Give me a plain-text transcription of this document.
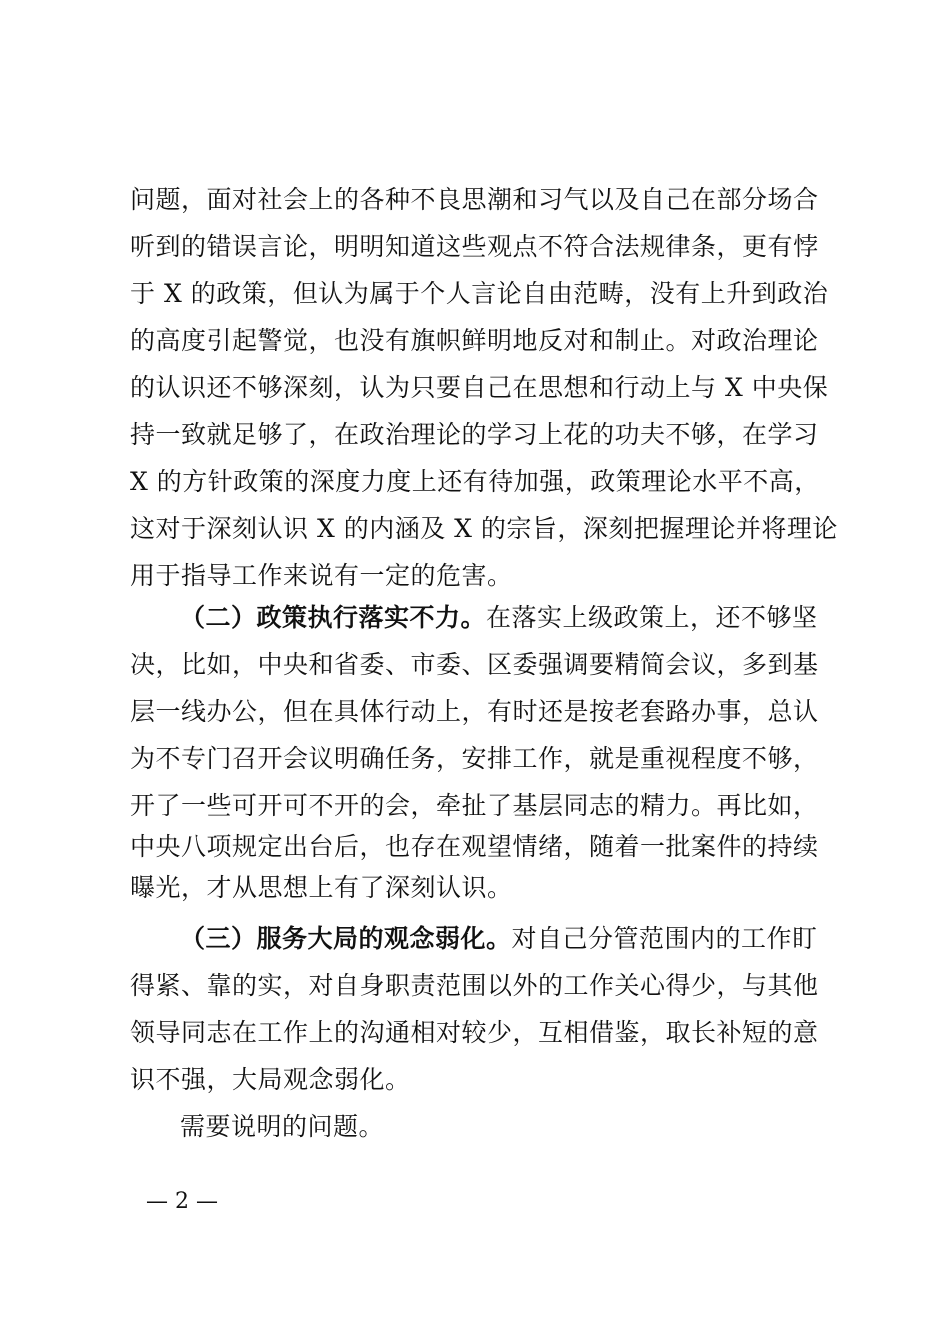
问题，面对社会上的各种不良思潮和习气以及自己在部分场合
听到的错误言论，明明知道这些观点不符合法规律条，更有悖
于 X 的政策，但认为属于个人言论自由范畴，没有上升到政治
的高度引起警觉，也没有旗帜鲜明地反对和制止。对政治理论
的认识还不够深刻，认为只要自己在思想和行动上与 X 中央保
持一致就足够了，在政治理论的学习上花的功夫不够，在学习
X 的方针政策的深度力度上还有待加强，政策理论水平不高，
这对于深刻认识 X 的内涵及 X 的宗旨，深刻把握理论并将理论
用于指导工作来说有一定的危害。
（二）政策执行落实不力。在落实上级政策上，还不够坚
决，比如，中央和省委、市委、区委强调要精简会议，多到基
层一线办公，但在具体行动上，有时还是按老套路办事，总认
为不专门召开会议明确任务，安排工作，就是重视程度不够，
开了一些可开可不开的会，牵扯了基层同志的精力。再比如，
中央八项规定出台后，也存在观望情绪，随着一批案件的持续
曝光，才从思想上有了深刻认识。
（三）服务大局的观念弱化。对自己分管范围内的工作盯
得紧、靠的实，对自身职责范围以外的工作关心得少，与其他
领导同志在工作上的沟通相对较少，互相借鉴，取长补短的意
识不强，大局观念弱化。
需要说明的问题。
— 2 —
